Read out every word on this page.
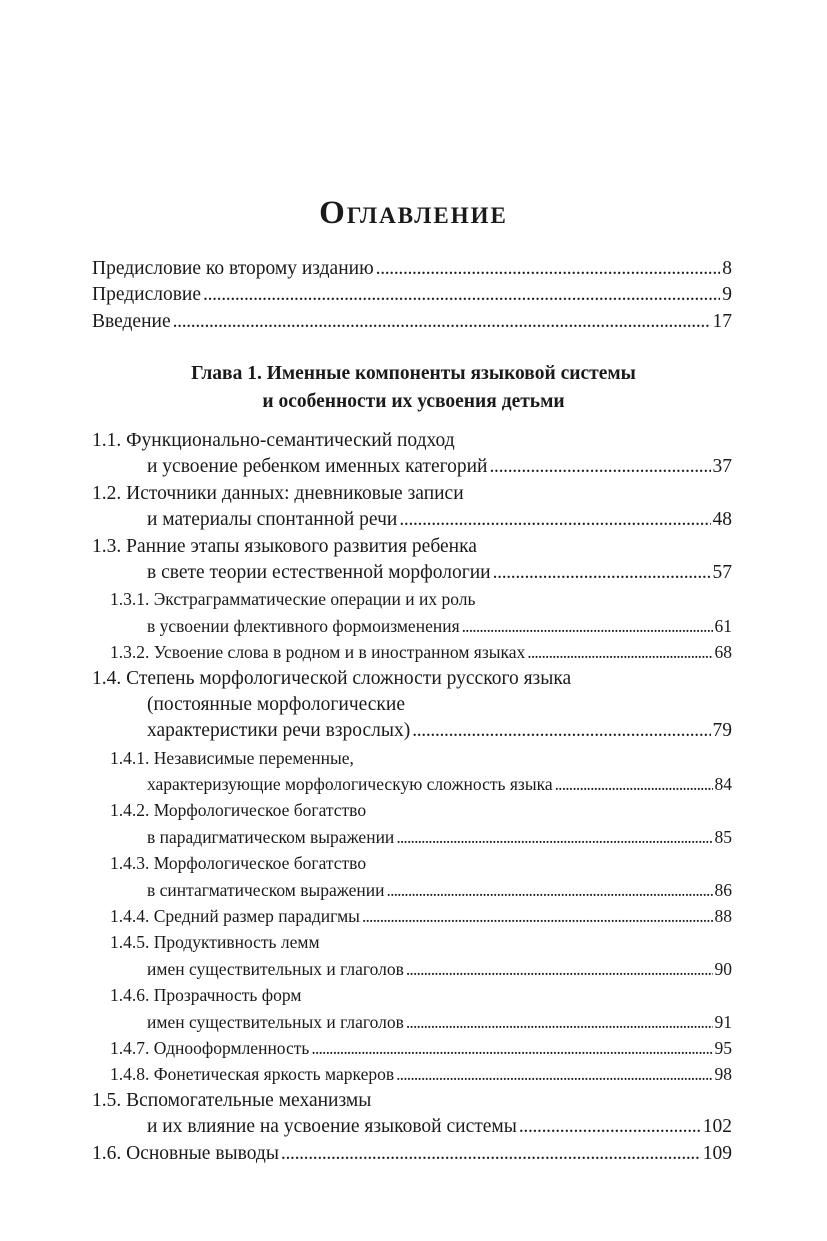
Оглавление
Предисловие ко второму изданию . . .	8
Предисловие . . .	9
Введение . . .	17
Глава 1. Именные компоненты языковой системы
и особенности их усвоения детьми
1.1. Функционально-семантический подход
и усвоение ребенком именных категорий . . .	37
1.2. Источники данных: дневниковые записи
и материалы спонтанной речи . . .	48
1.3. Ранние этапы языкового развития ребенка
в свете теории естественной морфологии . . .	57
1.3.1. Экстраграмматические операции и их роль
в усвоении флективного формоизменения . . .	61
1.3.2. Усвоение слова в родном и в иностранном языках . . .	68
1.4. Степень морфологической сложности русского языка
(постоянные морфологические
характеристики речи взрослых) . . .	79
1.4.1. Независимые переменные,
характеризующие морфологическую сложность языка . . .	84
1.4.2. Морфологическое богатство
в парадигматическом выражении . . .	85
1.4.3. Морфологическое богатство
в синтагматическом выражении . . .	86
1.4.4. Средний размер парадигмы . . .	88
1.4.5. Продуктивность лемм
имен существительных и глаголов . . .	90
1.4.6. Прозрачность форм
имен существительных и глаголов . . .	91
1.4.7. Однооформленность . . .	95
1.4.8. Фонетическая яркость маркеров . . .	98
1.5. Вспомогательные механизмы
и их влияние на усвоение языковой системы . . .	102
1.6. Основные выводы . . .	109
